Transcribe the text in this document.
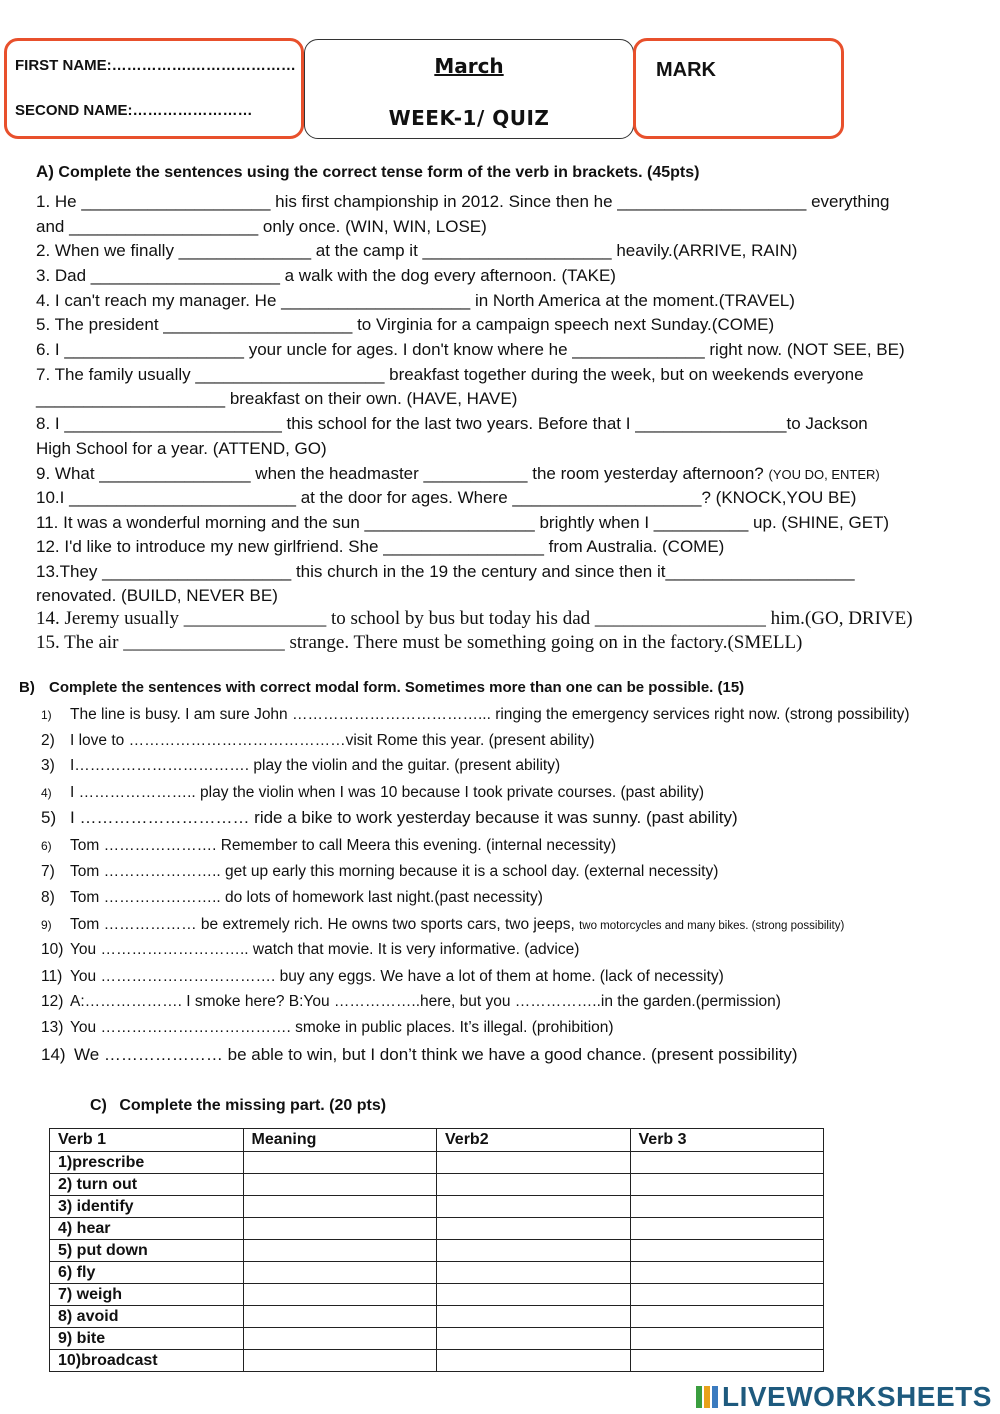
FIRST NAME:…………….…………………
SECOND NAME:……………………
March
WEEK-1/ QUIZ
MARK
A) Complete the sentences using the correct tense form of the verb in brackets. (45pts)
1. He ____________________ his first championship in 2012. Since then he ____________________ everything
and ____________________ only once. (WIN, WIN, LOSE)
2. When we finally ______________ at the camp it ____________________ heavily.(ARRIVE, RAIN)
3. Dad ____________________ a walk with the dog every afternoon. (TAKE)
4. I can't reach my manager. He ____________________ in North America at the moment.(TRAVEL)
5. The president ____________________ to Virginia for a campaign speech next Sunday.(COME)
6. I ___________________ your uncle for ages. I don't know where he ______________ right now. (NOT SEE, BE)
7. The family usually ____________________ breakfast together during the week, but on weekends everyone
____________________ breakfast on their own. (HAVE, HAVE)
8. I _______________________ this school for the last two years. Before that I ________________to Jackson
High School for a year. (ATTEND, GO)
9. What ________________ when the headmaster ___________ the room yesterday afternoon? (YOU DO, ENTER)
10.I ________________________ at the door for ages. Where ____________________? (KNOCK,YOU BE)
11. It was a wonderful morning and the sun __________________ brightly when I __________ up. (SHINE, GET)
12. I'd like to introduce my new girlfriend. She _________________ from Australia. (COME)
13.They ____________________ this church in the 19 the century and since then it____________________
renovated. (BUILD, NEVER BE)
14. Jeremy usually _______________ to school by bus but today his dad __________________ him.(GO, DRIVE)
15. The air _________________ strange. There must be something going on in the factory.(SMELL)
B) Complete the sentences with correct modal form. Sometimes more than one can be possible. (15)
1) The line is busy. I am sure John ………………………………... ringing the emergency services right now. (strong possibility)
2) I love to ……………………………………visit Rome this year. (present ability)
3) I……………………………. play the violin and the guitar. (present ability)
4) I ………………….. play the violin when I was 10 because I took private courses. (past ability)
5) I ………………………… ride a bike to work yesterday because it was sunny. (past ability)
6) Tom …………………. Remember to call Meera this evening. (internal necessity)
7) Tom ………………….. get up early this morning because it is a school day. (external necessity)
8) Tom ………………….. do lots of homework last night.(past necessity)
9) Tom ……………… be extremely rich. He owns two sports cars, two jeeps, two motorcycles and many bikes. (strong possibility)
10) You ……………………….. watch that movie. It is very informative. (advice)
11) You ……………………………. buy any eggs. We have a lot of them at home. (lack of necessity)
12) A:………………. I smoke here? B:You ……………..here, but you ……………..in the garden.(permission)
13) You ………………………………. smoke in public places. It’s illegal. (prohibition)
14) We ………………… be able to win, but I don’t think we have a good chance. (present possibility)
C) Complete the missing part. (20 pts)
Verb 1	Meaning	Verb2	Verb 3
1)prescribe			
2) turn out			
3) identify			
4) hear			
5) put down			
6) fly			
7) weigh			
8) avoid			
9) bite			
10)broadcast			
LIVEWORKSHEETS
